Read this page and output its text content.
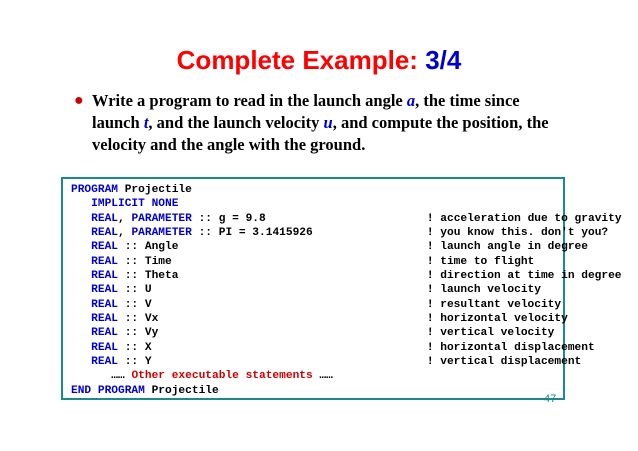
Complete Example: 3/4
● Write a program to read in the launch angle a, the time since launch t, and the launch velocity u, and compute the position, the velocity and the angle with the ground.
PROGRAM Projectile
IMPLICIT NONE
REAL, PARAMETER :: g = 9.8                        ! acceleration due to gravity
REAL, PARAMETER :: PI = 3.1415926                 ! you know this. don't you?
REAL :: Angle                                     ! launch angle in degree
REAL :: Time                                      ! time to flight
REAL :: Theta                                     ! direction at time in degree
REAL :: U                                         ! launch velocity
REAL :: V                                         ! resultant velocity
REAL :: Vx                                        ! horizontal velocity
REAL :: Vy                                        ! vertical velocity
REAL :: X                                         ! horizontal displacement
REAL :: Y                                         ! vertical displacement
…… Other executable statements ……
END PROGRAM Projectile
47
